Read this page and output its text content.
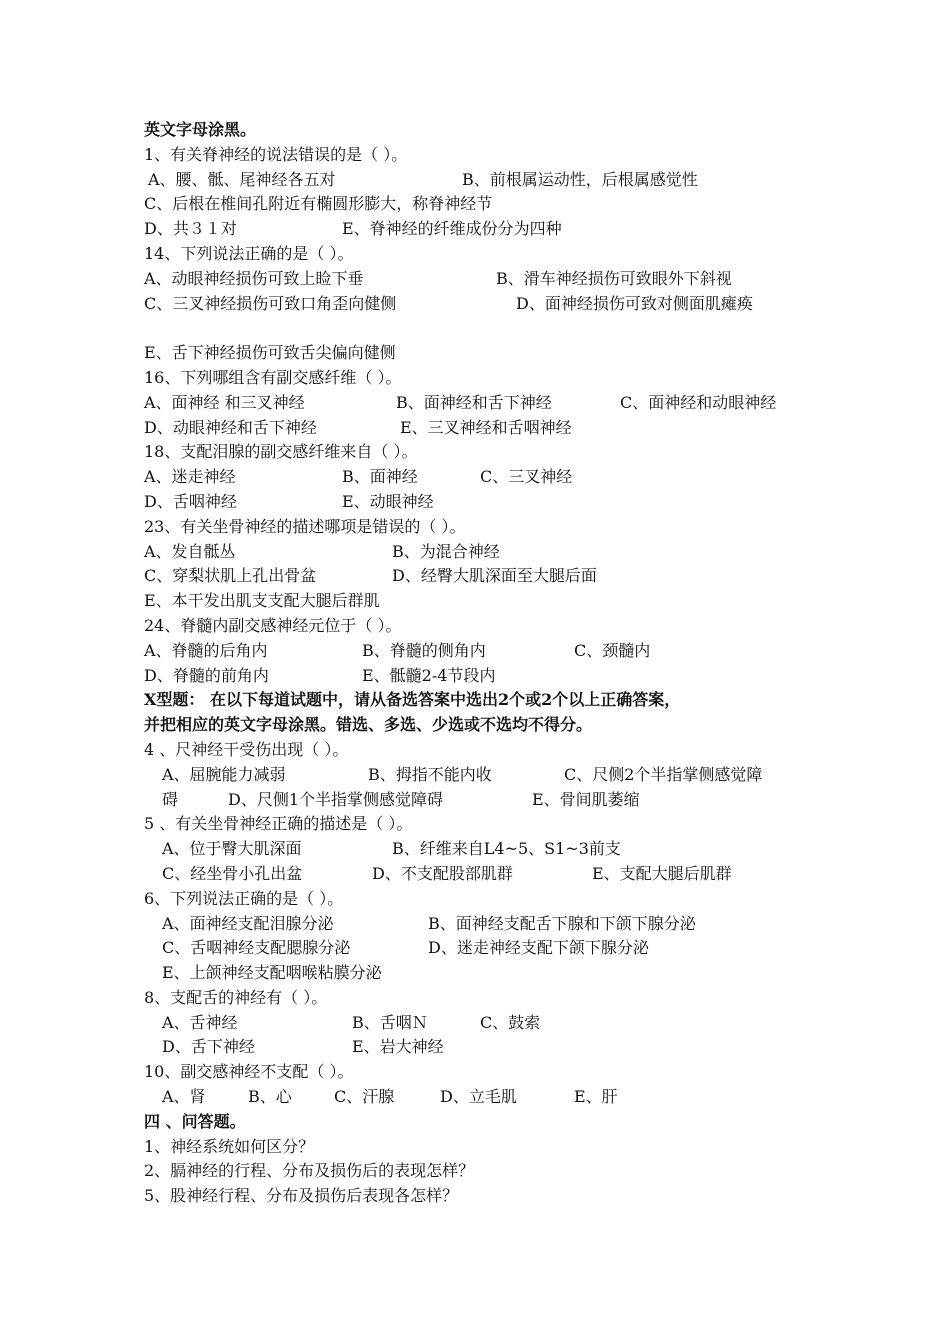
英文字母涂黑。
1、有关脊神经的说法错误的是（ ）。
A、腰、骶、尾神经各五对	B、前根属运动性，后根属感觉性
C、后根在椎间孔附近有椭圆形膨大，称脊神经节
D、共３１对	E、脊神经的纤维成份分为四种
14、下列说法正确的是（ ）。
A、动眼神经损伤可致上睑下垂	B、滑车神经损伤可致眼外下斜视
C、三叉神经损伤可致口角歪向健侧	D、面神经损伤可致对侧面肌瘫痪
E、舌下神经损伤可致舌尖偏向健侧
16、下列哪组含有副交感纤维（ ）。
A、面神经 和三叉神经	B、面神经和舌下神经	C、面神经和动眼神经
D、动眼神经和舌下神经	E、三叉神经和舌咽神经
18、支配泪腺的副交感纤维来自（ ）。
A、迷走神经	B、面神经	C、三叉神经
D、舌咽神经	E、动眼神经
23、有关坐骨神经的描述哪项是错误的（ ）。
A、发自骶丛	B、为混合神经
C、穿梨状肌上孔出骨盆	D、经臀大肌深面至大腿后面
E、本干发出肌支支配大腿后群肌
24、脊髓内副交感神经元位于（ ）。
A、脊髓的后角内	B、脊髓的侧角内	C、颈髓内
D、脊髓的前角内	E、骶髓2-4节段内
X型题： 在以下每道试题中，请从备选答案中选出2个或2个以上正确答案，
并把相应的英文字母涂黑。错选、多选、少选或不选均不得分。
4 、尺神经干受伤出现（ ）。
A、屈腕能力减弱	B、拇指不能内收	C、尺侧2个半指掌侧感觉障
碍	D、尺侧1个半指掌侧感觉障碍	E、骨间肌萎缩
5 、有关坐骨神经正确的描述是（ ）。
A、位于臀大肌深面	B、纤维来自L4~5、S1~3前支
C、经坐骨小孔出盆	D、不支配股部肌群	E、支配大腿后肌群
6、下列说法正确的是（ ）。
A、面神经支配泪腺分泌	B、面神经支配舌下腺和下颌下腺分泌
C、舌咽神经支配腮腺分泌	D、迷走神经支配下颌下腺分泌
E、上颌神经支配咽喉粘膜分泌
8、支配舌的神经有（ ）。
A、舌神经	B、舌咽Ｎ	C、鼓索
D、舌下神经	E、岩大神经
10、副交感神经不支配（ ）。
A、肾	B、心	C、汗腺	D、立毛肌	E、肝
四 、问答题。
1、神经系统如何区分？
2、膈神经的行程、分布及损伤后的表现怎样？
5、股神经行程、分布及损伤后表现各怎样？
